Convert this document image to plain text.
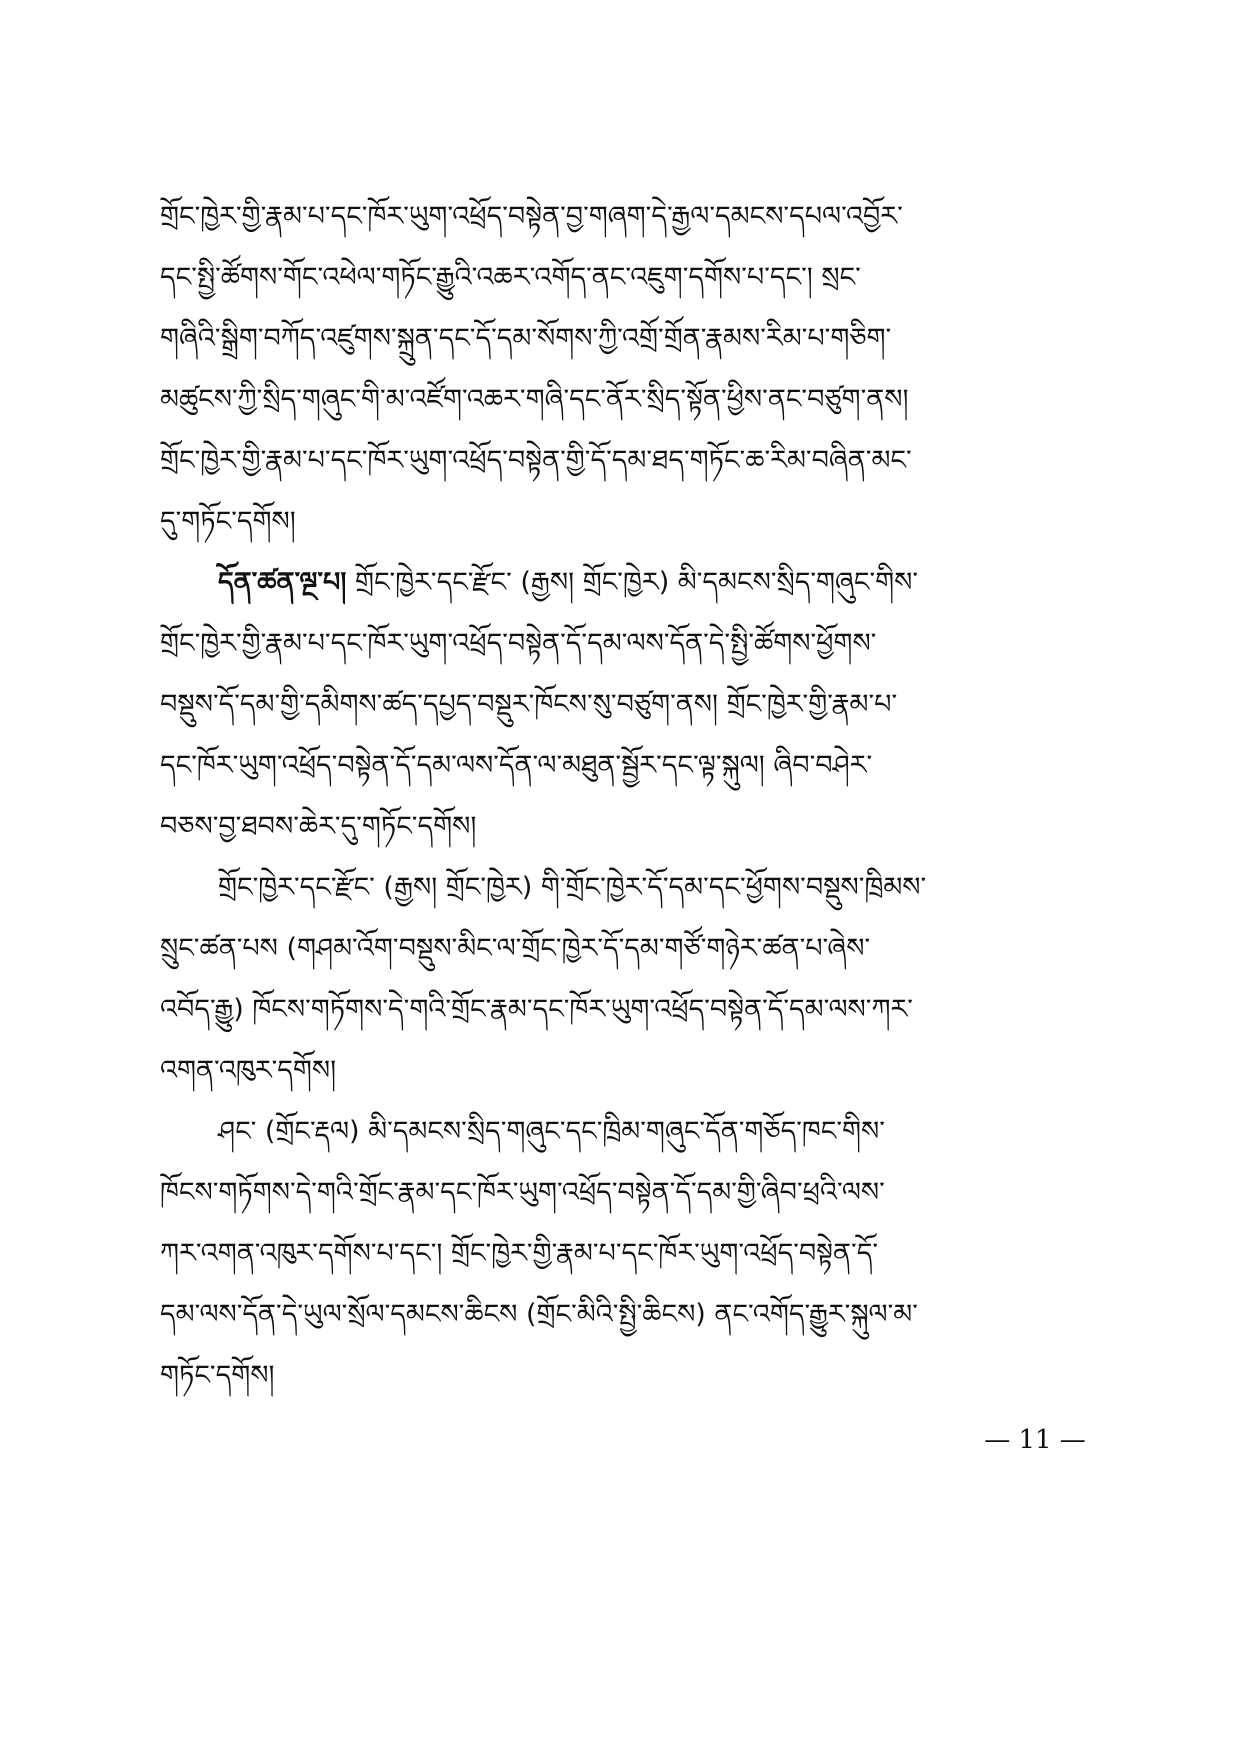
གྲོང་ཁྱེར་གྱི་རྣམ་པ་དང་ཁོར་ཡུག་འཕྲོད་བསྟེན་བྱ་གཞག་དེ་རྒྱལ་དམངས་དཔལ་འབྱོར་
དང་སྤྱི་ཚོགས་གོང་འཕེལ་གཏོང་རྒྱུའི་འཆར་འགོད་ནང་འཇུག་དགོས་པ་དང་། སྲང་
གཞིའི་སྒྲིག་བཀོད་འཛུགས་སྐྲུན་དང་དོ་དམ་སོགས་ཀྱི་འགྲོ་གྲོན་རྣམས་རིམ་པ་གཅིག་
མཚུངས་ཀྱི་སྲིད་གཞུང་གི་མ་འཛོག་འཆར་གཞི་དང་ནོར་སྲིད་སྟོན་ཕྱིས་ནང་བཙུག་ནས།
གྲོང་ཁྱེར་གྱི་རྣམ་པ་དང་ཁོར་ཡུག་འཕྲོད་བསྟེན་གྱི་དོ་དམ་ཐད་གཏོང་ཆ་རིམ་བཞིན་མང་
དུ་གཏོང་དགོས།
དོན་ཚན་ལྔ་པ། གྲོང་ཁྱེར་དང་རྫོང་ (རྒྱས། གྲོང་ཁྱེར) མི་དམངས་སྲིད་གཞུང་གིས་
གྲོང་ཁྱེར་གྱི་རྣམ་པ་དང་ཁོར་ཡུག་འཕྲོད་བསྟེན་དོ་དམ་ལས་དོན་དེ་སྤྱི་ཚོགས་ཕྱོགས་
བསྡུས་དོ་དམ་གྱི་དམིགས་ཚད་དཔྱད་བསྡུར་ཁོངས་སུ་བཙུག་ནས། གྲོང་ཁྱེར་གྱི་རྣམ་པ་
དང་ཁོར་ཡུག་འཕྲོད་བསྟེན་དོ་དམ་ལས་དོན་ལ་མཐུན་སྦྱོར་དང་ལྟ་སྐུལ། ཞིབ་བཤེར་
བཅས་བྱ་ཐབས་ཆེར་དུ་གཏོང་དགོས།
གྲོང་ཁྱེར་དང་རྫོང་ (རྒྱས། གྲོང་ཁྱེར) གི་གྲོང་ཁྱེར་དོ་དམ་དང་ཕྱོགས་བསྡུས་ཁྲིམས་
སྲུང་ཚན་པས (གཤམ་འོག་བསྡུས་མིང་ལ་གྲོང་ཁྱེར་དོ་དམ་གཙོ་གཉེར་ཚན་པ་ཞེས་
འབོད་རྒྱུ) ཁོངས་གཏོགས་དེ་གའི་གྲོང་རྣམ་དང་ཁོར་ཡུག་འཕྲོད་བསྟེན་དོ་དམ་ལས་ཀར་
འགན་འཁུར་དགོས།
ཤང་ (གྲོང་རྡལ) མི་དམངས་སྲིད་གཞུང་དང་ཁྲིམ་གཞུང་དོན་གཅོད་ཁང་གིས་
ཁོངས་གཏོགས་དེ་གའི་གྲོང་རྣམ་དང་ཁོར་ཡུག་འཕྲོད་བསྟེན་དོ་དམ་གྱི་ཞིབ་ཕྲའི་ལས་
ཀར་འགན་འཁུར་དགོས་པ་དང་། གྲོང་ཁྱེར་གྱི་རྣམ་པ་དང་ཁོར་ཡུག་འཕྲོད་བསྟེན་དོ་
དམ་ལས་དོན་དེ་ཡུལ་སྲོལ་དམངས་ཆིངས (གྲོང་མིའི་སྤྱི་ཆིངས) ནང་འགོད་རྒྱུར་སྐུལ་མ་
གཏོང་དགོས།
— 11 —
